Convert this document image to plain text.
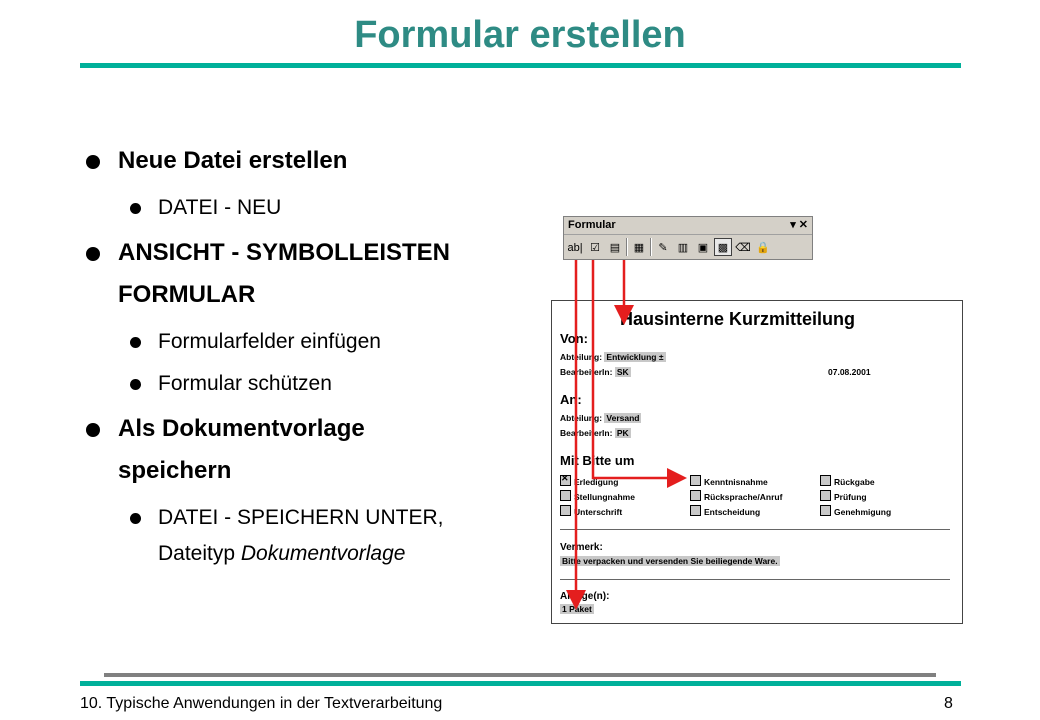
Formular erstellen
Neue Datei erstellen
DATEI - NEU
ANSICHT - SYMBOLLEISTEN
FORMULAR
Formularfelder einfügen
Formular schützen
Als Dokumentvorlage
speichern
DATEI - SPEICHERN UNTER,
Dateityp Dokumentvorlage
Formular	▾ ✕
ab| ☑ ▤	▦	✎ ▥ ▣ ▩ ⌫ 🔒
Hausinterne Kurzmitteilung
Von:
Abteilung: Entwicklung ±
BearbeiterIn: SK	07.08.2001
An:
Abteilung: Versand
BearbeiterIn: PK
Mit Bitte um
✕Erledigung	Kenntnisnahme	Rückgabe
Stellungnahme	Rücksprache/Anruf	Prüfung
Unterschrift	Entscheidung	Genehmigung
Vermerk:
Bitte verpacken und versenden Sie beiliegende Ware.
Anlage(n):
1 Paket
10. Typische Anwendungen in der Textverarbeitung	8
